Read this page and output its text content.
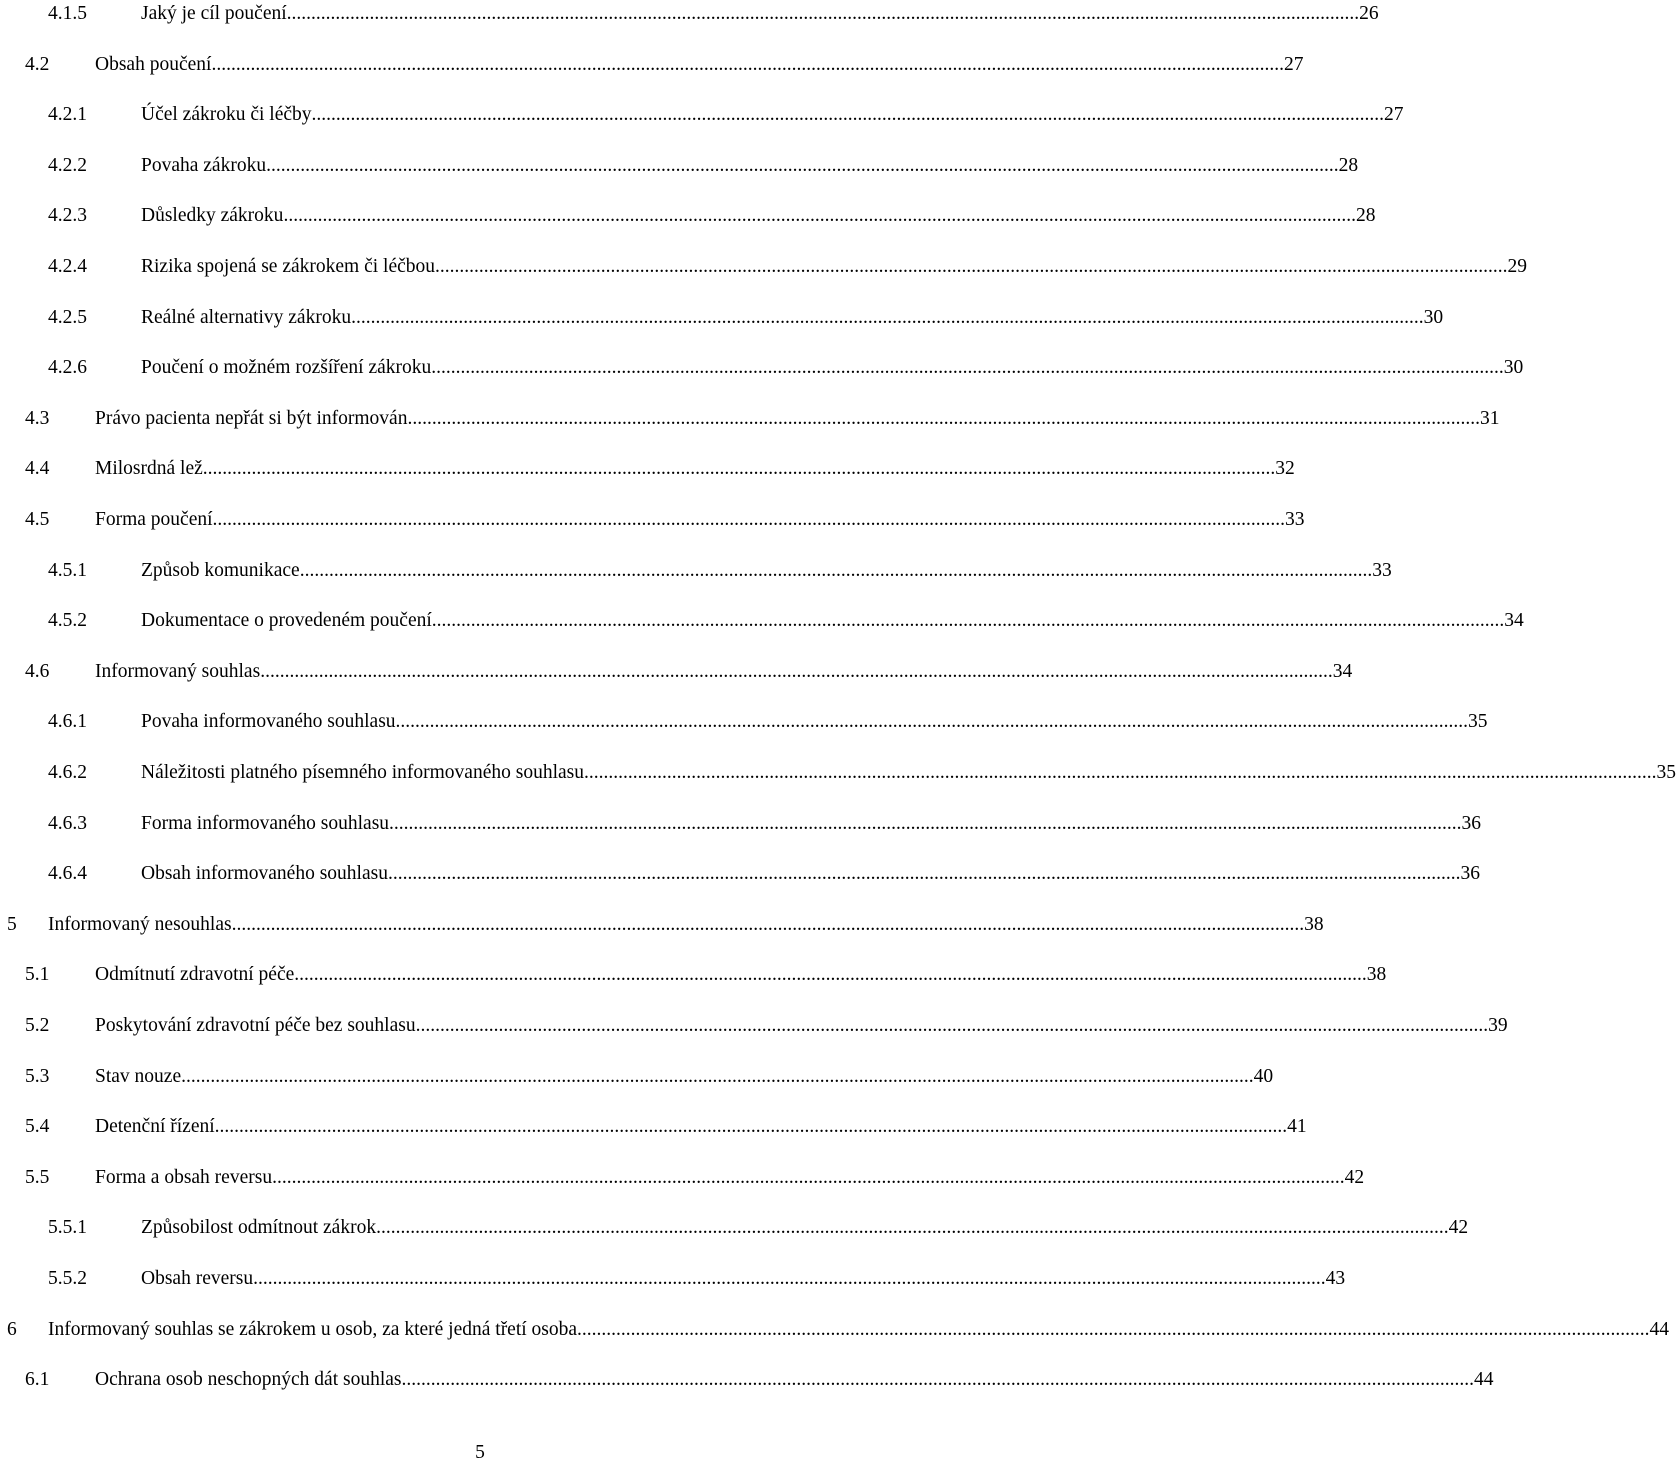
4.1.5	Jaký je cíl poučení ............................................................................................................................................................................................................................ 26
4.2 Obsah poučení ............................................................................................................................................................................................................................ 27
4.2.1	Účel zákroku či léčby ............................................................................................................................................................................................................................ 27
4.2.2	Povaha zákroku ............................................................................................................................................................................................................................ 28
4.2.3	Důsledky zákroku ............................................................................................................................................................................................................................ 28
4.2.4	Rizika spojená se zákrokem či léčbou ............................................................................................................................................................................................................................ 29
4.2.5	Reálné alternativy zákroku ............................................................................................................................................................................................................................ 30
4.2.6	Poučení o možném rozšíření zákroku ............................................................................................................................................................................................................................ 30
4.3 Právo pacienta nepřát si být informován ............................................................................................................................................................................................................................ 31
4.4 Milosrdná lež ............................................................................................................................................................................................................................ 32
4.5 Forma poučení ............................................................................................................................................................................................................................ 33
4.5.1	Způsob komunikace ............................................................................................................................................................................................................................ 33
4.5.2	Dokumentace o provedeném poučení ............................................................................................................................................................................................................................ 34
4.6 Informovaný souhlas ............................................................................................................................................................................................................................ 34
4.6.1	Povaha informovaného souhlasu ............................................................................................................................................................................................................................ 35
4.6.2	Náležitosti platného písemného informovaného souhlasu ............................................................................................................................................................................................................................ 35
4.6.3	Forma informovaného souhlasu ............................................................................................................................................................................................................................ 36
4.6.4	Obsah informovaného souhlasu ............................................................................................................................................................................................................................ 36
5 Informovaný nesouhlas ............................................................................................................................................................................................................................ 38
5.1 Odmítnutí zdravotní péče ............................................................................................................................................................................................................................ 38
5.2 Poskytování zdravotní péče bez souhlasu ............................................................................................................................................................................................................................ 39
5.3 Stav nouze ............................................................................................................................................................................................................................ 40
5.4 Detenční řízení ............................................................................................................................................................................................................................ 41
5.5 Forma a obsah reversu ............................................................................................................................................................................................................................ 42
5.5.1	Způsobilost odmítnout zákrok ............................................................................................................................................................................................................................ 42
5.5.2	Obsah reversu ............................................................................................................................................................................................................................ 43
6 Informovaný souhlas se zákrokem u osob, za které jedná třetí osoba ............................................................................................................................................................................................................................ 44
6.1 Ochrana osob neschopných dát souhlas ............................................................................................................................................................................................................................ 44
5
